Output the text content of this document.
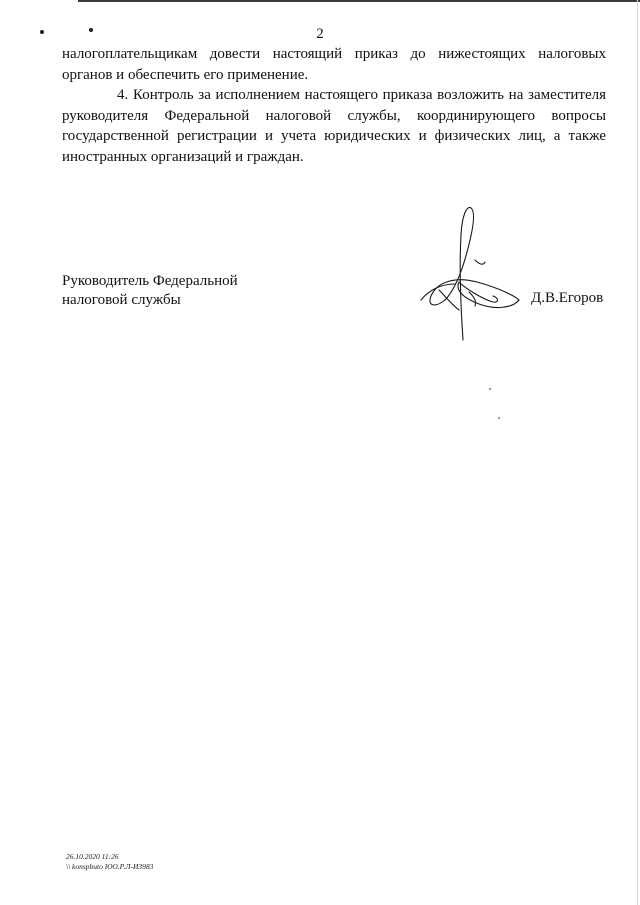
2

налогоплательщикам довести настоящий приказ до нижестоящих налоговых органов и обеспечить его применение.

4. Контроль за исполнением настоящего приказа возложить на заместителя руководителя Федеральной налоговой службы, координирующего вопросы государственной регистрации и учета юридических и физических лиц, а также иностранных организаций и граждан.

Руководитель Федеральной
налоговой службы	Д.В.Егоров
26.10.2020 11:26
\\ konspbuto ЮО.Р.Л-ИЗ983
